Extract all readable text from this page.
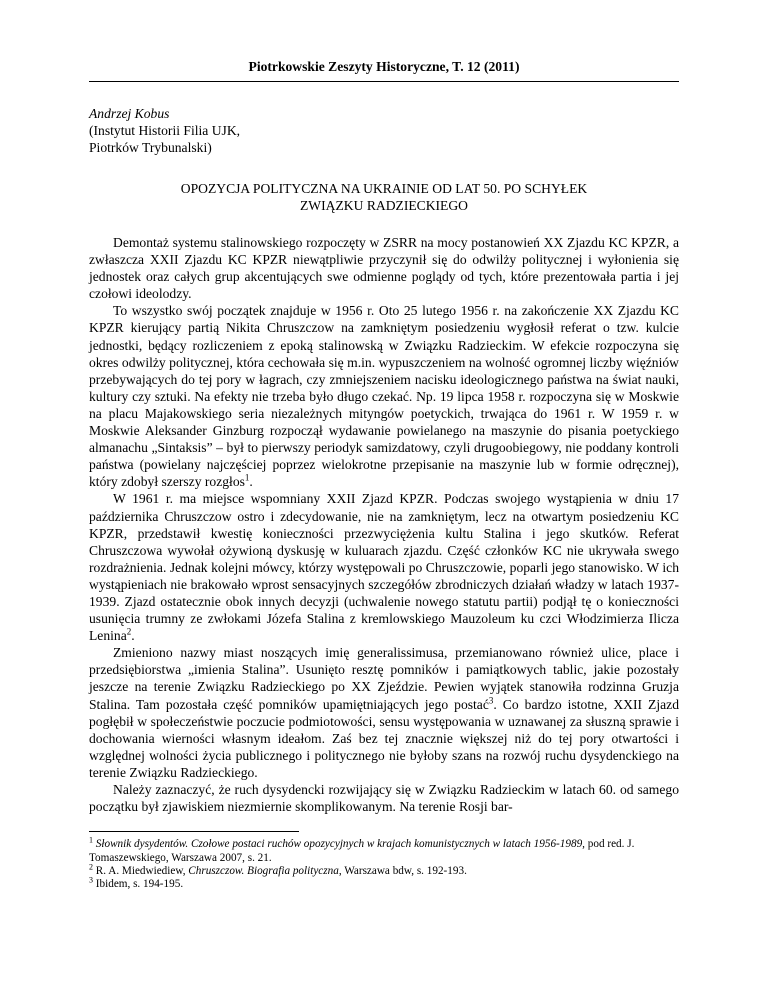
Piotrkowskie Zeszyty Historyczne, T. 12 (2011)
Andrzej Kobus
(Instytut Historii Filia UJK,
Piotrków Trybunalski)
OPOZYCJA POLITYCZNA NA UKRAINIE OD LAT 50. PO SCHYŁEK
ZWIĄZKU RADZIECKIEGO

Demontaż systemu stalinowskiego rozpoczęty w ZSRR na mocy postanowień XX Zjazdu KC KPZR, a zwłaszcza XXII Zjazdu KC KPZR niewątpliwie przyczynił się do odwilży politycznej i wyłonienia się jednostek oraz całych grup akcentujących swe odmienne poglądy od tych, które prezentowała partia i jej czołowi ideolodzy.

To wszystko swój początek znajduje w 1956 r. Oto 25 lutego 1956 r. na zakończenie XX Zjazdu KC KPZR kierujący partią Nikita Chruszczow na zamkniętym posiedzeniu wygłosił referat o tzw. kulcie jednostki, będący rozliczeniem z epoką stalinowską w Związku Radzieckim. W efekcie rozpoczyna się okres odwilży politycznej, która cechowała się m.in. wypuszczeniem na wolność ogromnej liczby więźniów przebywających do tej pory w łagrach, czy zmniejszeniem nacisku ideologicznego państwa na świat nauki, kultury czy sztuki. Na efekty nie trzeba było długo czekać. Np. 19 lipca 1958 r. rozpoczyna się w Moskwie na placu Majakowskiego seria niezależnych mityngów poetyckich, trwająca do 1961 r. W 1959 r. w Moskwie Aleksander Ginzburg rozpoczął wydawanie powielanego na maszynie do pisania poetyckiego almanachu „Sintaksis” – był to pierwszy periodyk samizdatowy, czyli drugoobiegowy, nie poddany kontroli państwa (powielany najczęściej poprzez wielokrotne przepisanie na maszynie lub w formie odręcznej), który zdobył szerszy rozgłos$^1$.

W 1961 r. ma miejsce wspomniany XXII Zjazd KPZR. Podczas swojego wystąpienia w dniu 17 października Chruszczow ostro i zdecydowanie, nie na zamkniętym, lecz na otwartym posiedzeniu KC KPZR, przedstawił kwestię konieczności przezwyciężenia kultu Stalina i jego skutków. Referat Chruszczowa wywołał ożywioną dyskusję w kuluarach zjazdu. Część członków KC nie ukrywała swego rozdrażnienia. Jednak kolejni mówcy, którzy występowali po Chruszczowie, poparli jego stanowisko. W ich wystąpieniach nie brakowało wprost sensacyjnych szczegółów zbrodniczych działań władzy w latach 1937-1939. Zjazd ostatecznie obok innych decyzji (uchwalenie nowego statutu partii) podjął tę o konieczności usunięcia trumny ze zwłokami Józefa Stalina z kremlowskiego Mauzoleum ku czci Włodzimierza Ilicza Lenina$^2$.

Zmieniono nazwy miast noszących imię generalissimusa, przemianowano również ulice, place i przedsiębiorstwa „imienia Stalina”. Usunięto resztę pomników i pamiątkowych tablic, jakie pozostały jeszcze na terenie Związku Radzieckiego po XX Zjeździe. Pewien wyjątek stanowiła rodzinna Gruzja Stalina. Tam pozostała część pomników upamiętniających jego postać$^3$. Co bardzo istotne, XXII Zjazd pogłębił w społeczeństwie poczucie podmiotowości, sensu występowania w uznawanej za słuszną sprawie i dochowania wierności własnym ideałom. Zaś bez tej znacznie większej niż do tej pory otwartości i względnej wolności życia publicznego i politycznego nie byłoby szans na rozwój ruchu dysydenckiego na terenie Związku Radzieckiego.

Należy zaznaczyć, że ruch dysydencki rozwijający się w Związku Radzieckim w latach 60. od samego początku był zjawiskiem niezmiernie skomplikowanym. Na terenie Rosji bar-

$^1$ Słownik dysydentów. Czołowe postaci ruchów opozycyjnych w krajach komunistycznych w latach 1956-1989, pod red. J. Tomaszewskiego, Warszawa 2007, s. 21.

$^2$ R. A. Miedwiediew, Chruszczow. Biografia polityczna, Warszawa bdw, s. 192-193.

$^3$ Ibidem, s. 194-195.
